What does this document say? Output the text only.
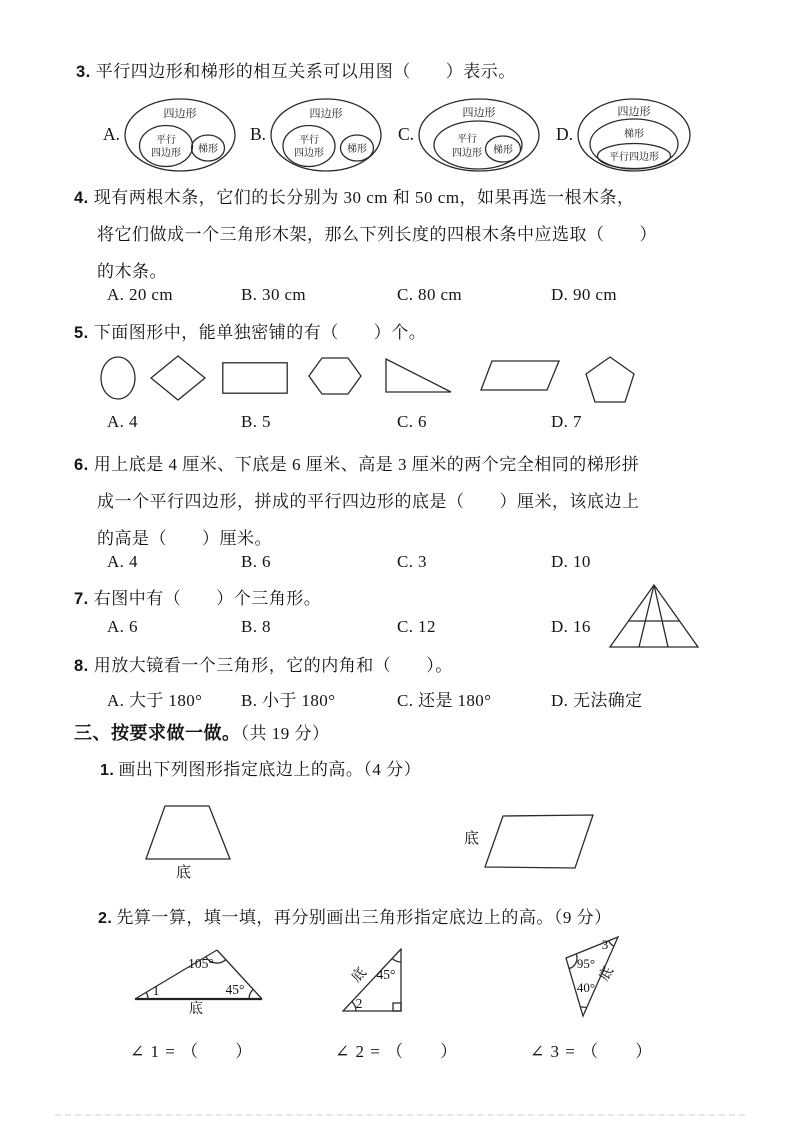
3. 平行四边形和梯形的相互关系可以用图（　　）表示。
A.
四边形
平行
四边形 梯形
B.
四边形
平行
四边形 梯形
C.
四边形
平行
四边形 梯形
D.
四边形
梯形
平行四边形
4. 现有两根木条，它们的长分别为 30 cm 和 50 cm，如果再选一根木条，
将它们做成一个三角形木架，那么下列长度的四根木条中应选取（　　）
的木条。
A. 20 cm	B. 30 cm	C. 80 cm	D. 90 cm
5. 下面图形中，能单独密铺的有（　　）个。
A. 4	B. 5	C. 6	D. 7
6. 用上底是 4 厘米、下底是 6 厘米、高是 3 厘米的两个完全相同的梯形拼
成一个平行四边形，拼成的平行四边形的底是（　　）厘米，该底边上
的高是（　　）厘米。
A. 4	B. 6	C. 3	D. 10
7. 右图中有（　　）个三角形。
A. 6	B. 8	C. 12	D. 16
8. 用放大镜看一个三角形，它的内角和（　　）。
A. 大于 180° B. 小于 180°	C. 还是 180°	D. 无法确定
三、按要求做一做。（共 19 分）
1. 画出下列图形指定底边上的高。（4 分）
底
底
2. 先算一算，填一填，再分别画出三角形指定底边上的高。（9 分）
105°
1	45°
底
45°
2
底
95°
3
40°
底
∠ 1 = （　　）	∠ 2 = （　　）	∠ 3 = （　　）
